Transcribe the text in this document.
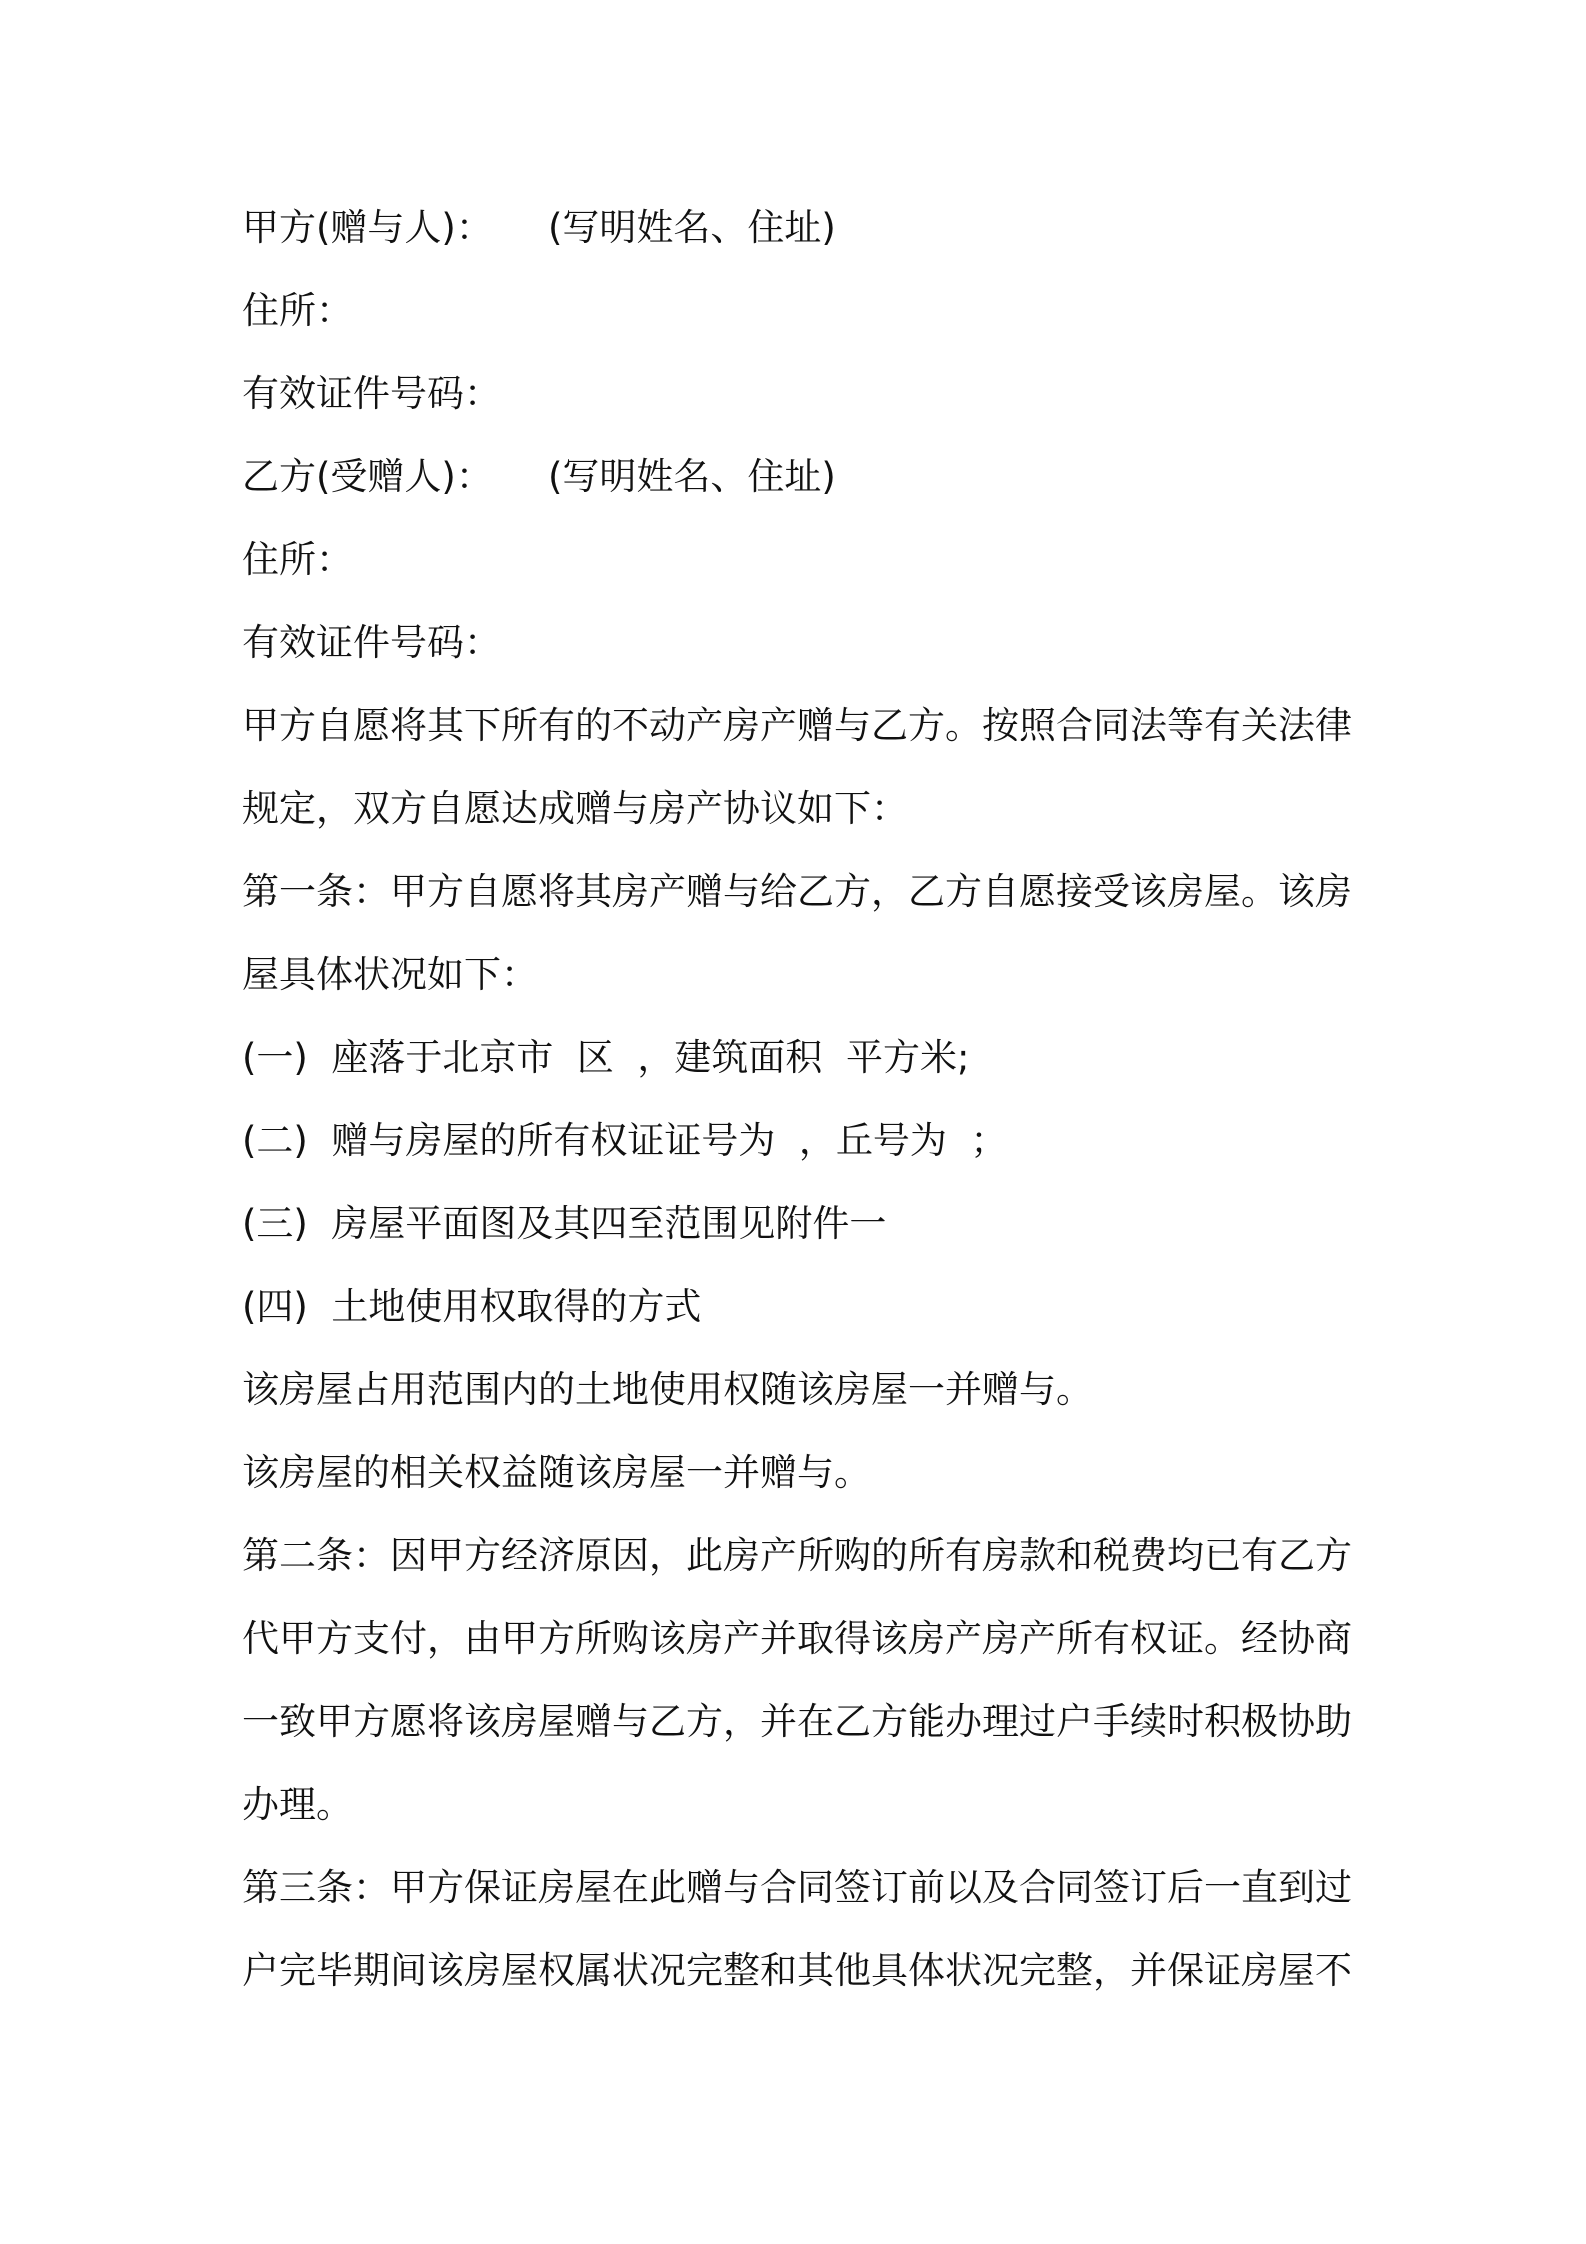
甲方(赠与人)： (写明姓名、住址)
住所：
有效证件号码：
乙方(受赠人)： (写明姓名、住址)
住所：
有效证件号码：
甲方自愿将其下所有的不动产房产赠与乙方。按照合同法等有关法律
规定，双方自愿达成赠与房产协议如下：
第一条：甲方自愿将其房产赠与给乙方，乙方自愿接受该房屋。该房
屋具体状况如下：
(一)  座落于北京市  区  ，建筑面积  平方米;
(二)  赠与房屋的所有权证证号为  ，丘号为  ；
(三)  房屋平面图及其四至范围见附件一
(四)  土地使用权取得的方式
该房屋占用范围内的土地使用权随该房屋一并赠与。
该房屋的相关权益随该房屋一并赠与。
第二条：因甲方经济原因，此房产所购的所有房款和税费均已有乙方
代甲方支付，由甲方所购该房产并取得该房产房产所有权证。经协商
一致甲方愿将该房屋赠与乙方，并在乙方能办理过户手续时积极协助
办理。
第三条：甲方保证房屋在此赠与合同签订前以及合同签订后一直到过
户完毕期间该房屋权属状况完整和其他具体状况完整，并保证房屋不
